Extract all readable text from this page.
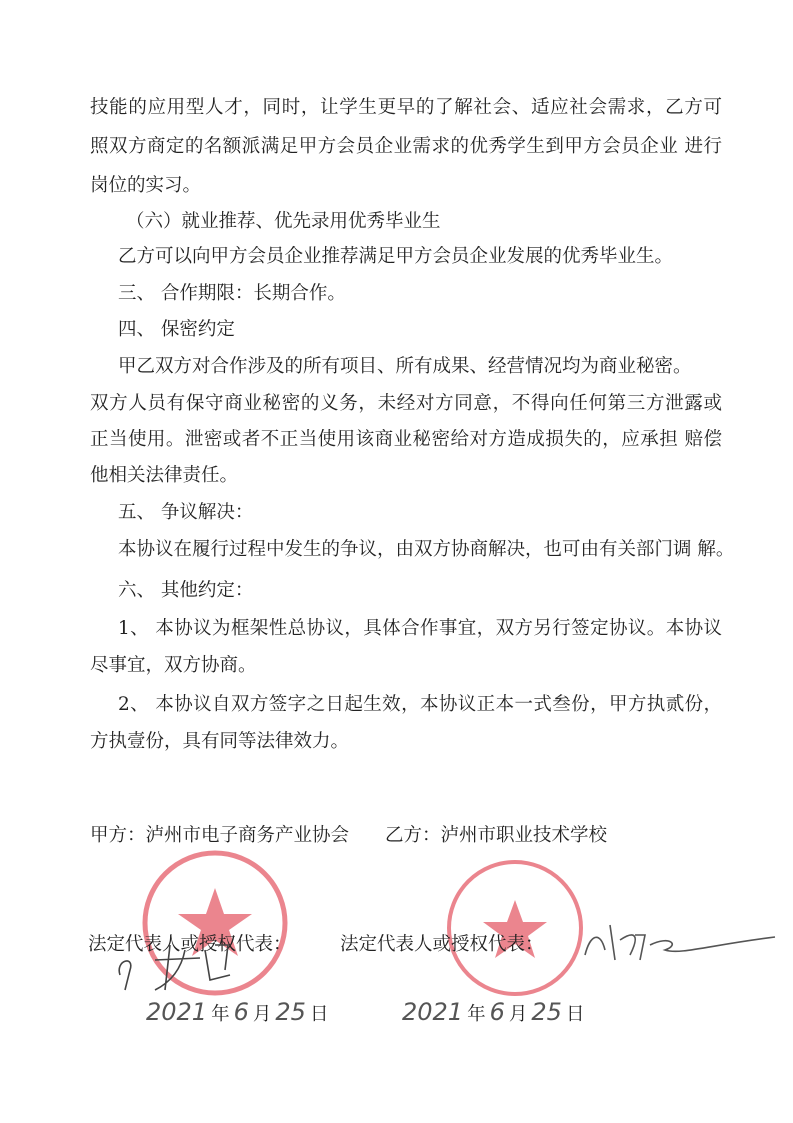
技能的应用型人才，同时，让学生更早的了解社会、适应社会需求，乙方可
照双方商定的名额派满足甲方会员企业需求的优秀学生到甲方会员企业 进行
岗位的实习。
（六）就业推荐、优先录用优秀毕业生
乙方可以向甲方会员企业推荐满足甲方会员企业发展的优秀毕业生。
三、 合作期限：长期合作。
四、 保密约定
甲乙双方对合作涉及的所有项目、所有成果、经营情况均为商业秘密。
双方人员有保守商业秘密的义务，未经对方同意，不得向任何第三方泄露或
正当使用。泄密或者不正当使用该商业秘密给对方造成损失的，应承担 赔偿
他相关法律责任。
五、 争议解决：
本协议在履行过程中发生的争议，由双方协商解决，也可由有关部门调 解。
六、 其他约定：
1、 本协议为框架性总协议，具体合作事宜，双方另行签定协议。本协议
尽事宜，双方协商。
2、 本协议自双方签字之日起生效，本协议正本一式叁份，甲方执贰份，
方执壹份，具有同等法律效力。
甲方：泸州市电子商务产业协会 乙方：泸州市职业技术学校
法定代表人或授权代表：	法定代表人或授权代表：
2021 年 6 月 25 日	2021 年 6 月 25 日
